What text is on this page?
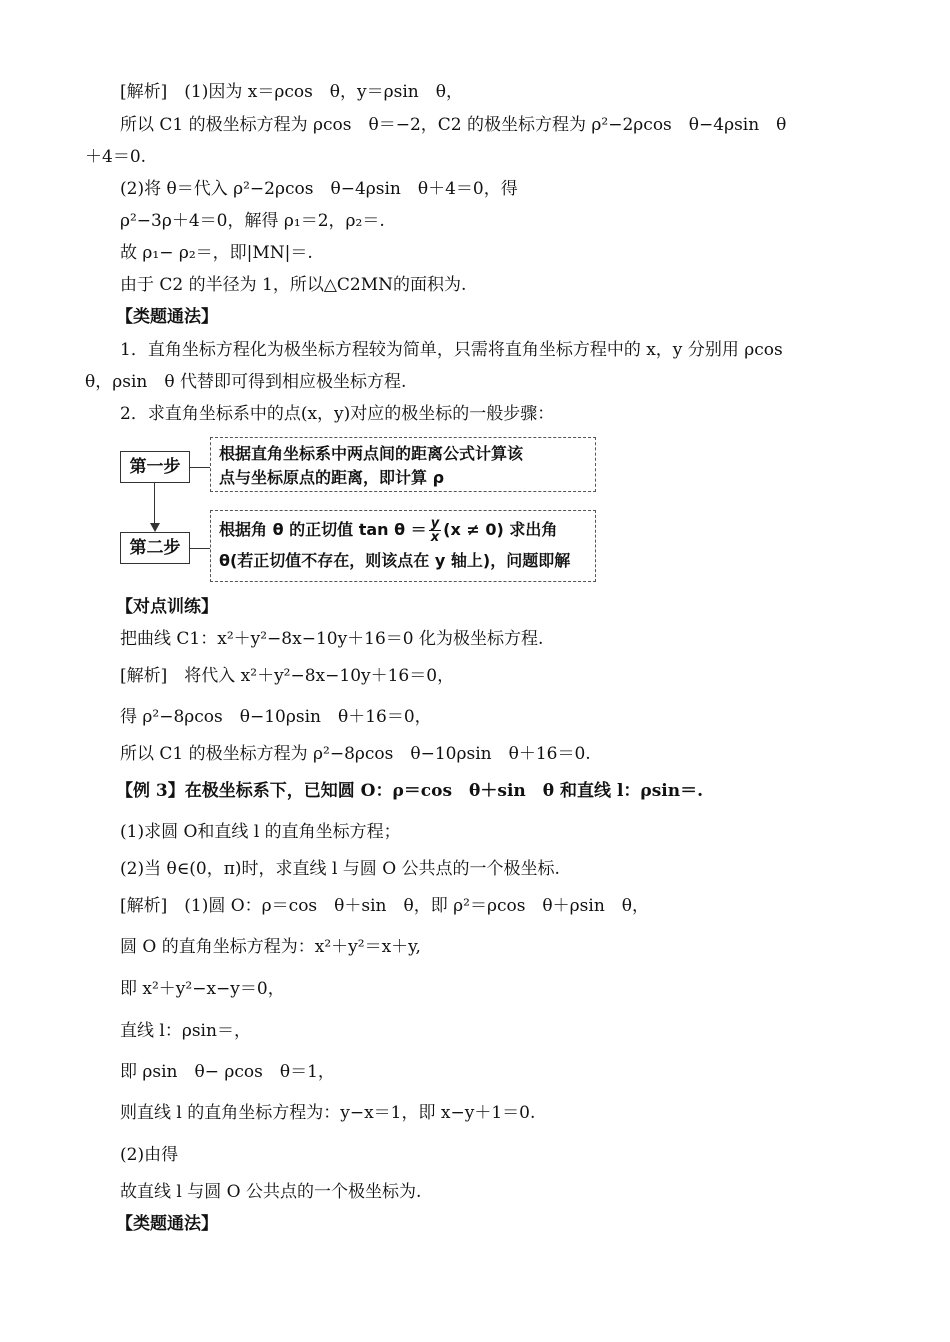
[解析]　(1)因为 x＝ρcos　θ，y＝ρsin　θ，
所以 C1 的极坐标方程为 ρcos　θ＝−2，C2 的极坐标方程为 ρ²−2ρcos　θ−4ρsin　θ
＋4＝0.
(2)将 θ＝代入 ρ²−2ρcos　θ−4ρsin　θ＋4＝0，得
ρ²−3ρ＋4＝0，解得 ρ₁＝2，ρ₂＝.
故 ρ₁− ρ₂＝，即|MN|＝.
由于 C2 的半径为 1，所以△C2MN的面积为.
【类题通法】
1．直角坐标方程化为极坐标方程较为简单，只需将直角坐标方程中的 x，y 分别用 ρcos
θ，ρsin　θ 代替即可得到相应极坐标方程.
2．求直角坐标系中的点(x，y)对应的极坐标的一般步骤：
第一步
根据直角坐标系中两点间的距离公式计算该
点与坐标原点的距离，即计算 ρ
第二步
根据角 θ 的正切值 $\tan \theta = \frac{y}{x} (x \ne 0)$ 求出角
θ(若正切值不存在，则该点在 y 轴上)，问题即解
【对点训练】
把曲线 C1：x²＋y²−8x−10y＋16＝0 化为极坐标方程.
[解析]　将代入 x²＋y²−8x−10y＋16＝0，
得 ρ²−8ρcos　θ−10ρsin　θ＋16＝0，
所以 C1 的极坐标方程为 ρ²−8ρcos　θ−10ρsin　θ＋16＝0.
【例 3】在极坐标系下，已知圆 O：ρ＝cos　θ＋sin　θ 和直线 l：ρsin＝.
(1)求圆 O和直线 l 的直角坐标方程；
(2)当 θ∈(0，π)时，求直线 l 与圆 O 公共点的一个极坐标.
[解析]　(1)圆 O：ρ＝cos　θ＋sin　θ，即 ρ²＝ρcos　θ＋ρsin　θ，
圆 O 的直角坐标方程为：x²＋y²＝x＋y,
即 x²＋y²−x−y＝0，
直线 l：ρsin＝，
即 ρsin　θ− ρcos　θ＝1，
则直线 l 的直角坐标方程为：y−x＝1，即 x−y＋1＝0.
(2)由得
故直线 l 与圆 O 公共点的一个极坐标为.
【类题通法】
